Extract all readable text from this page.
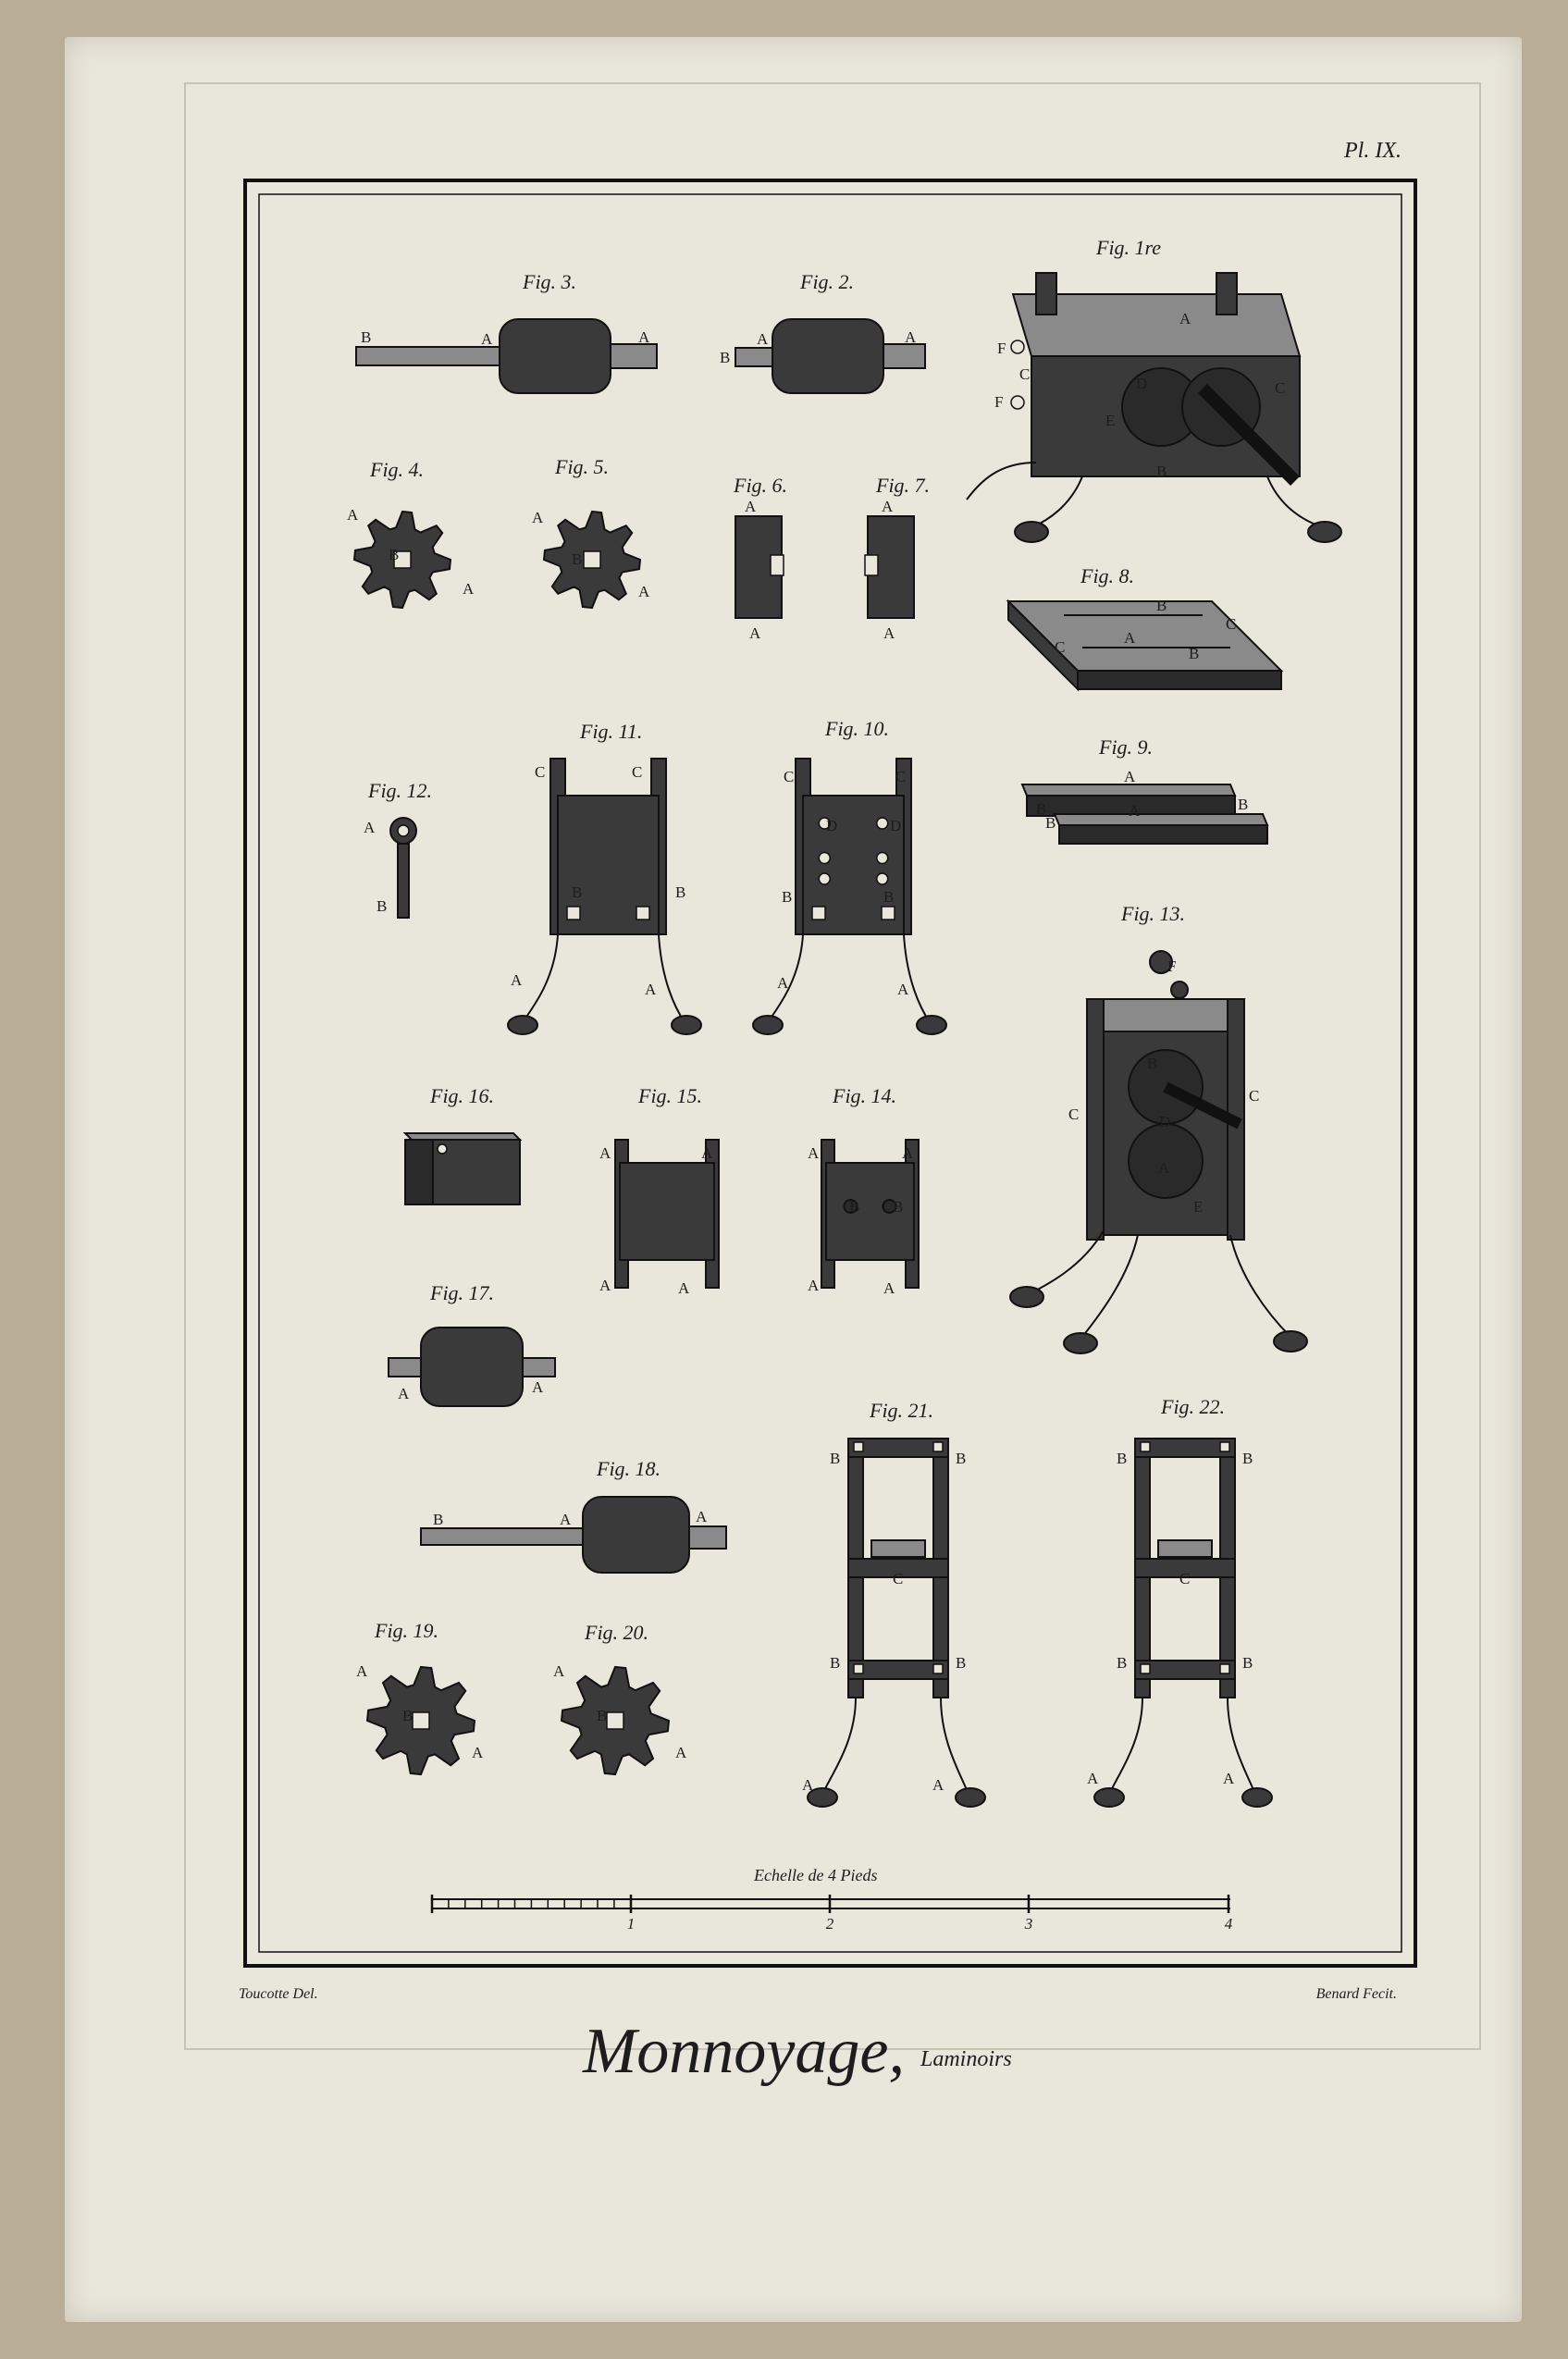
Pl. IX.
Fig. 3.
B	A	A
Fig. 2.
B
A	A
Fig. 1re
A
B
C
C
D
E
F
F
Fig. 4.
A
B
A
Fig. 5.
A
B
A
Fig. 6.
A
A
Fig. 7.
A
A
Fig. 8.
B
C
A
C	B
Fig. 9.
A
B
B
A	B
Fig. 12.
A
B
Fig. 11.
C	C
B	B
A
A
Fig. 10.
C	C
D	D
B	B
A	A
Fig. 13.
F
C
C
B
D
A
E
Fig. 16.	Fig. 15.
A	A
A	A
Fig. 14.
A	A
B B
A	A
Fig. 17.
A	A
Fig. 18.
B	A	A
Fig. 19.
A
B
A
Fig. 20.
A
B
A
Fig. 21.
B	B
C
B	B
A	A
Fig. 22.
B	B
C
B	B
A	A
Echelle de 4 Pieds
1	2	3	4
Toucotte Del.	Benard Fecit.
Monnoyage, Laminoirs
